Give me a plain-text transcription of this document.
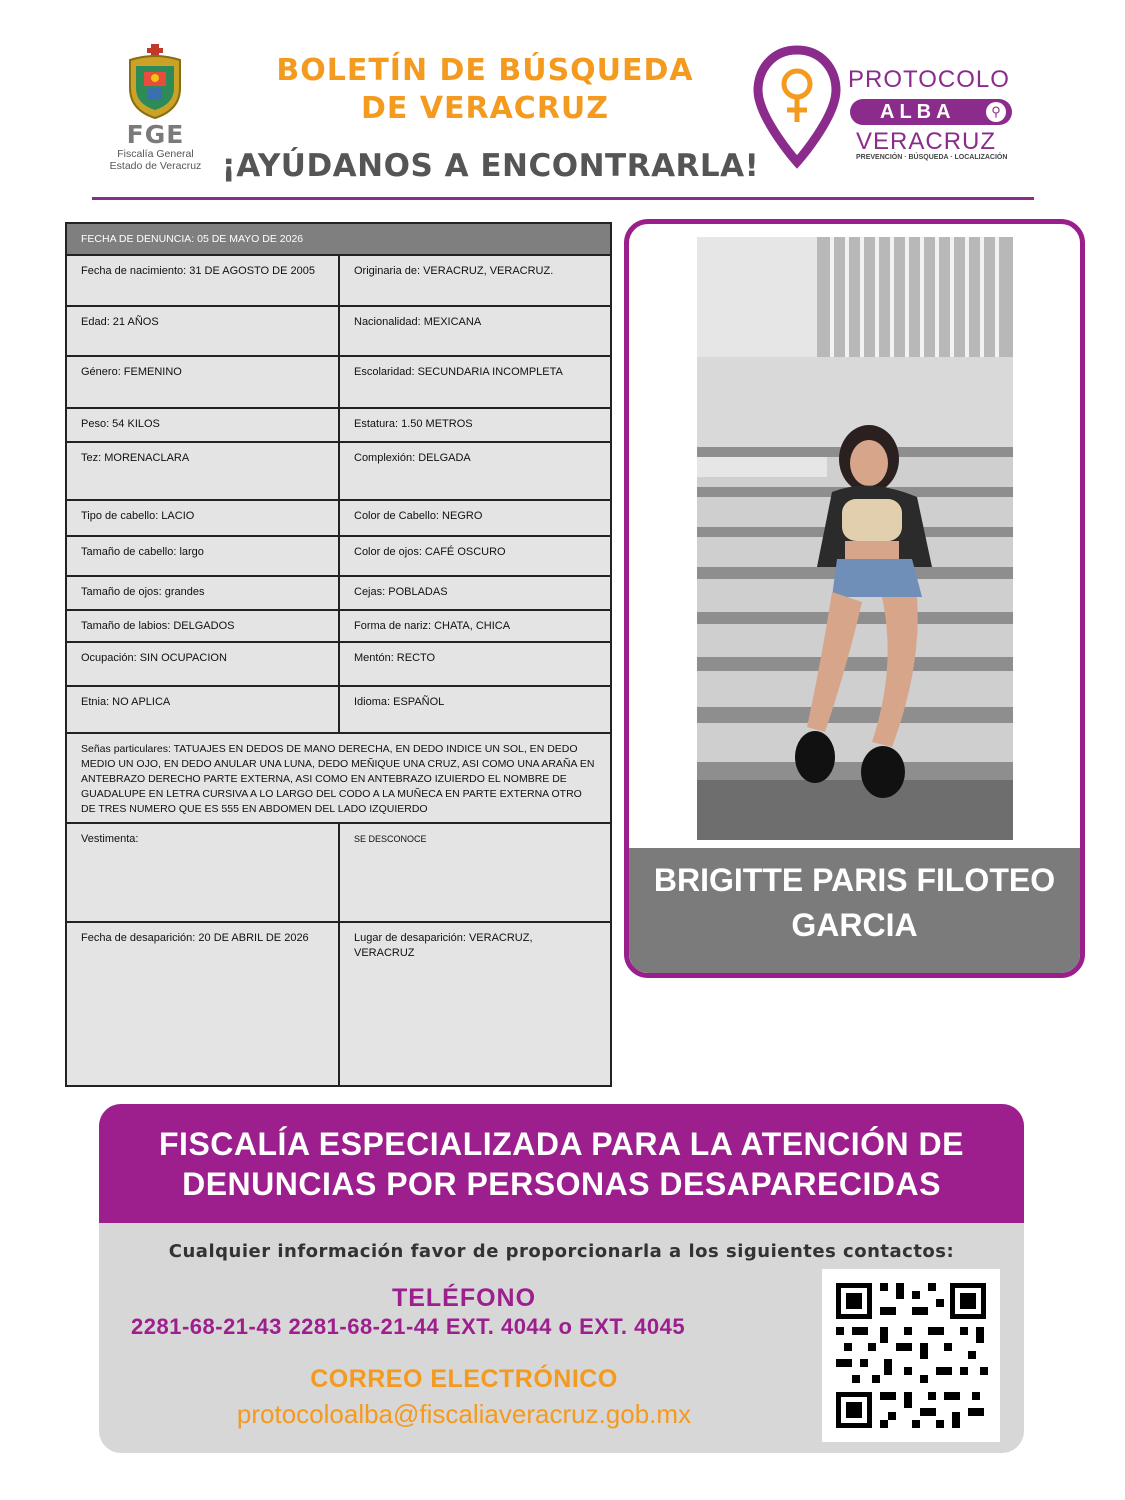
FGE
Fiscalía General
Estado de Veracruz
BOLETÍN DE BÚSQUEDA
DE VERACRUZ
¡AYÚDANOS A ENCONTRARLA!
PROTOCOLO
ALBA	⚲
VERACRUZ
PREVENCIÓN · BÚSQUEDA · LOCALIZACIÓN
FECHA DE DENUNCIA: 05 DE MAYO DE 2026
Fecha de nacimiento: 31 DE AGOSTO DE 2005	Originaria de: VERACRUZ, VERACRUZ.
Edad: 21 AÑOS	Nacionalidad: MEXICANA
Género: FEMENINO	Escolaridad: SECUNDARIA INCOMPLETA
Peso: 54 KILOS	Estatura: 1.50 METROS
Tez: MORENACLARA	Complexión: DELGADA
Tipo de cabello: LACIO	Color de Cabello: NEGRO
Tamaño de cabello: largo	Color de ojos: CAFÉ OSCURO
Tamaño de ojos: grandes	Cejas: POBLADAS
Tamaño de labios: DELGADOS	Forma de nariz: CHATA, CHICA
Ocupación: SIN OCUPACION	Mentón: RECTO
Etnia: NO APLICA	Idioma: ESPAÑOL
Señas particulares: TATUAJES EN DEDOS DE MANO DERECHA, EN DEDO INDICE UN SOL, EN DEDO MEDIO UN OJO, EN DEDO ANULAR UNA LUNA, DEDO MEÑIQUE UNA CRUZ, ASI COMO UNA ARAÑA EN ANTEBRAZO DERECHO PARTE EXTERNA, ASI COMO EN ANTEBRAZO IZUIERDO EL NOMBRE DE GUADALUPE EN LETRA CURSIVA A LO LARGO DEL CODO A LA MUÑECA EN PARTE EXTERNA OTRO DE TRES NUMERO QUE ES 555 EN ABDOMEN DEL LADO IZQUIERDO
Vestimenta:	SE DESCONOCE
Fecha de desaparición: 20 DE ABRIL DE 2026	Lugar de desaparición: VERACRUZ, VERACRUZ
BRIGITTE PARIS FILOTEO
GARCIA
FISCALÍA ESPECIALIZADA PARA LA ATENCIÓN DE
DENUNCIAS POR PERSONAS DESAPARECIDAS
Cualquier información favor de proporcionarla a los siguientes contactos:
TELÉFONO
2281-68-21-43 2281-68-21-44 EXT. 4044 o EXT. 4045
CORREO ELECTRÓNICO
protocoloalba@fiscaliaveracruz.gob.mx
